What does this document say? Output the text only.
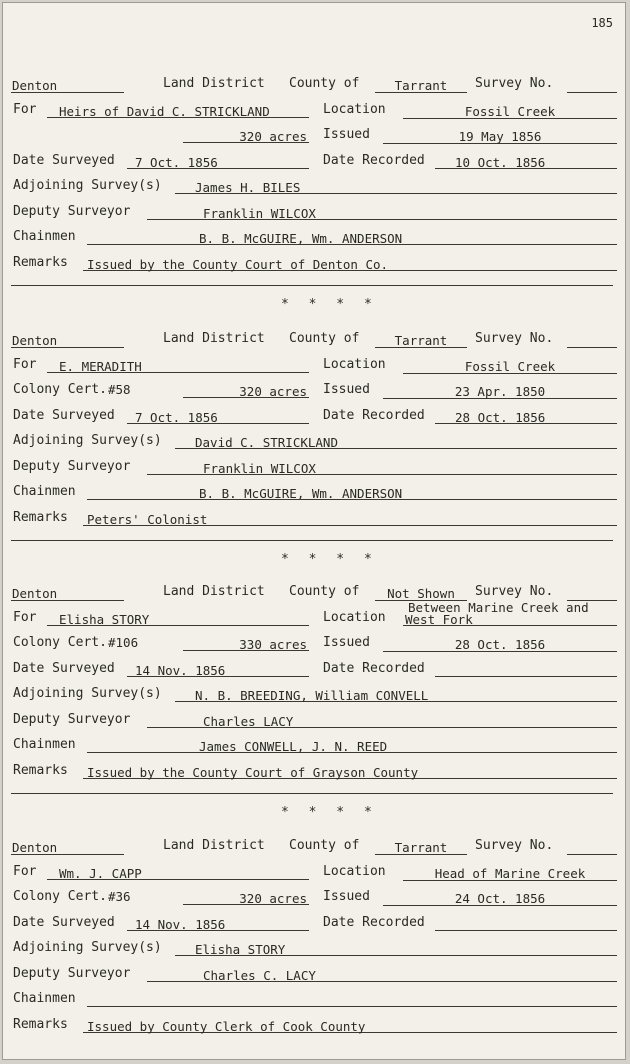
185
Denton	Land District County of	Tarrant	Survey No.
For	Heirs of David C. STRICKLAND	Location	Fossil Creek
320 acres Issued	19 May 1856
Date Surveyed	7 Oct. 1856	Date Recorded	10 Oct. 1856
Adjoining Survey(s)	James H. BILES
Deputy Surveyor	Franklin WILCOX
Chainmen	B. B. McGUIRE, Wm. ANDERSON
Remarks	Issued by the County Court of Denton Co.
* * * *
Denton	Land District County of	Tarrant	Survey No.
For	E. MERADITH	Location	Fossil Creek
Colony Cert. #58	320 acres Issued	23 Apr. 1850
Date Surveyed	7 Oct. 1856	Date Recorded	28 Oct. 1856
Adjoining Survey(s)	David C. STRICKLAND
Deputy Surveyor	Franklin WILCOX
Chainmen	B. B. McGUIRE, Wm. ANDERSON
Remarks	Peters' Colonist
* * * *
Denton	Land District County of	Not Shown	Survey No.
For	Elisha STORY	Location
Between Marine Creek and
West Fork
Colony Cert. #106	330 acres Issued	28 Oct. 1856
Date Surveyed	14 Nov. 1856	Date Recorded
Adjoining Survey(s)	N. B. BREEDING, William CONVELL
Deputy Surveyor	Charles LACY
Chainmen	James CONWELL, J. N. REED
Remarks	Issued by the County Court of Grayson County
* * * *
Denton	Land District County of	Tarrant	Survey No.
For	Wm. J. CAPP	Location	Head of Marine Creek
Colony Cert. #36	320 acres Issued	24 Oct. 1856
Date Surveyed	14 Nov. 1856	Date Recorded
Adjoining Survey(s)	Elisha STORY
Deputy Surveyor	Charles C. LACY
Chainmen
Remarks	Issued by County Clerk of Cook County
